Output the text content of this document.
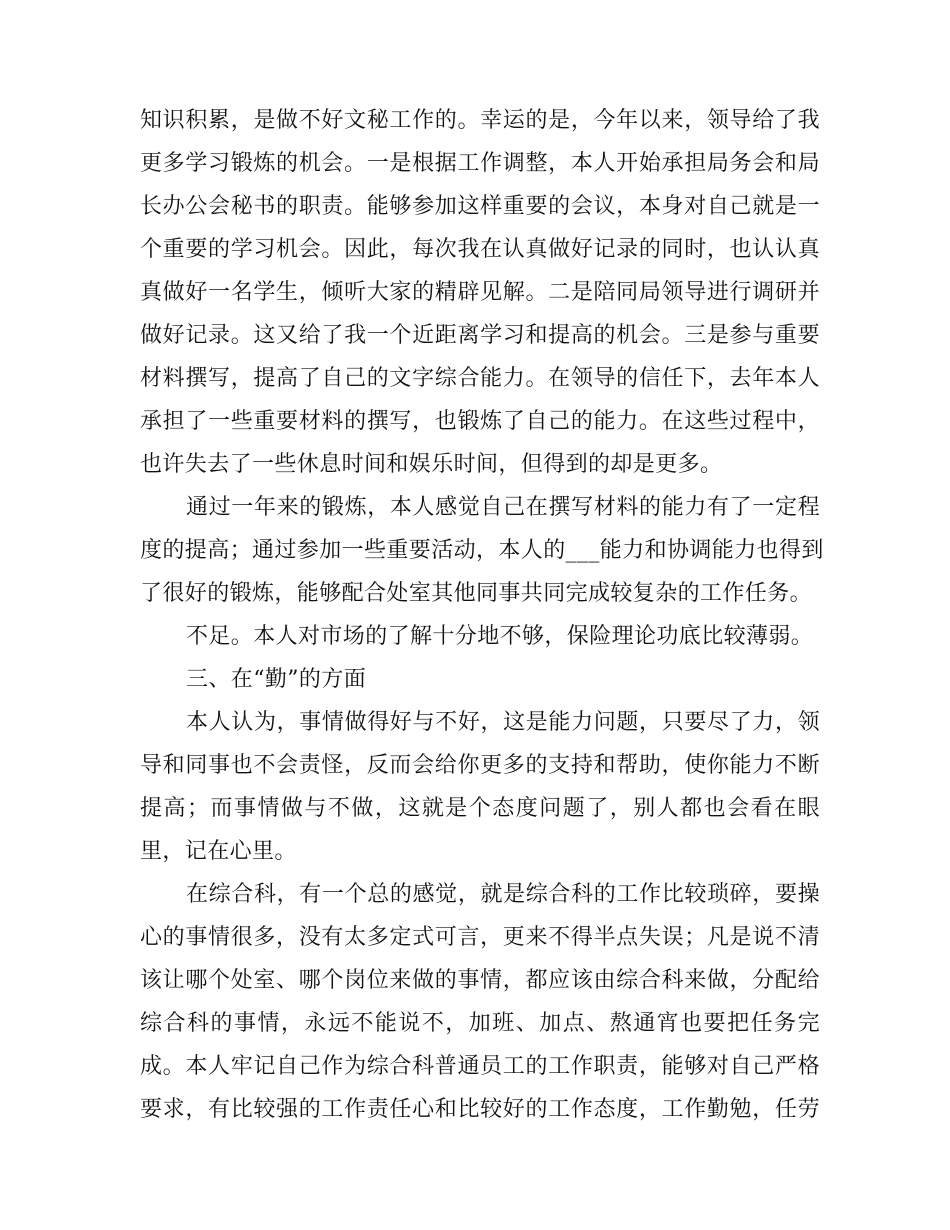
知识积累，是做不好文秘工作的。幸运的是，今年以来，领导给了我
更多学习锻炼的机会。一是根据工作调整，本人开始承担局务会和局
长办公会秘书的职责。能够参加这样重要的会议，本身对自己就是一
个重要的学习机会。因此，每次我在认真做好记录的同时，也认认真
真做好一名学生，倾听大家的精辟见解。二是陪同局领导进行调研并
做好记录。这又给了我一个近距离学习和提高的机会。三是参与重要
材料撰写，提高了自己的文字综合能力。在领导的信任下，去年本人
承担了一些重要材料的撰写，也锻炼了自己的能力。在这些过程中，
也许失去了一些休息时间和娱乐时间，但得到的却是更多。
通过一年来的锻炼，本人感觉自己在撰写材料的能力有了一定程
度的提高；通过参加一些重要活动，本人的___能力和协调能力也得到
了很好的锻炼，能够配合处室其他同事共同完成较复杂的工作任务。
不足。本人对市场的了解十分地不够，保险理论功底比较薄弱。
三、在“勤”的方面
本人认为，事情做得好与不好，这是能力问题，只要尽了力，领
导和同事也不会责怪，反而会给你更多的支持和帮助，使你能力不断
提高；而事情做与不做，这就是个态度问题了，别人都也会看在眼
里，记在心里。
在综合科，有一个总的感觉，就是综合科的工作比较琐碎，要操
心的事情很多，没有太多定式可言，更来不得半点失误；凡是说不清
该让哪个处室、哪个岗位来做的事情，都应该由综合科来做，分配给
综合科的事情，永远不能说不，加班、加点、熬通宵也要把任务完
成。本人牢记自己作为综合科普通员工的工作职责，能够对自己严格
要求，有比较强的工作责任心和比较好的工作态度，工作勤勉，任劳
